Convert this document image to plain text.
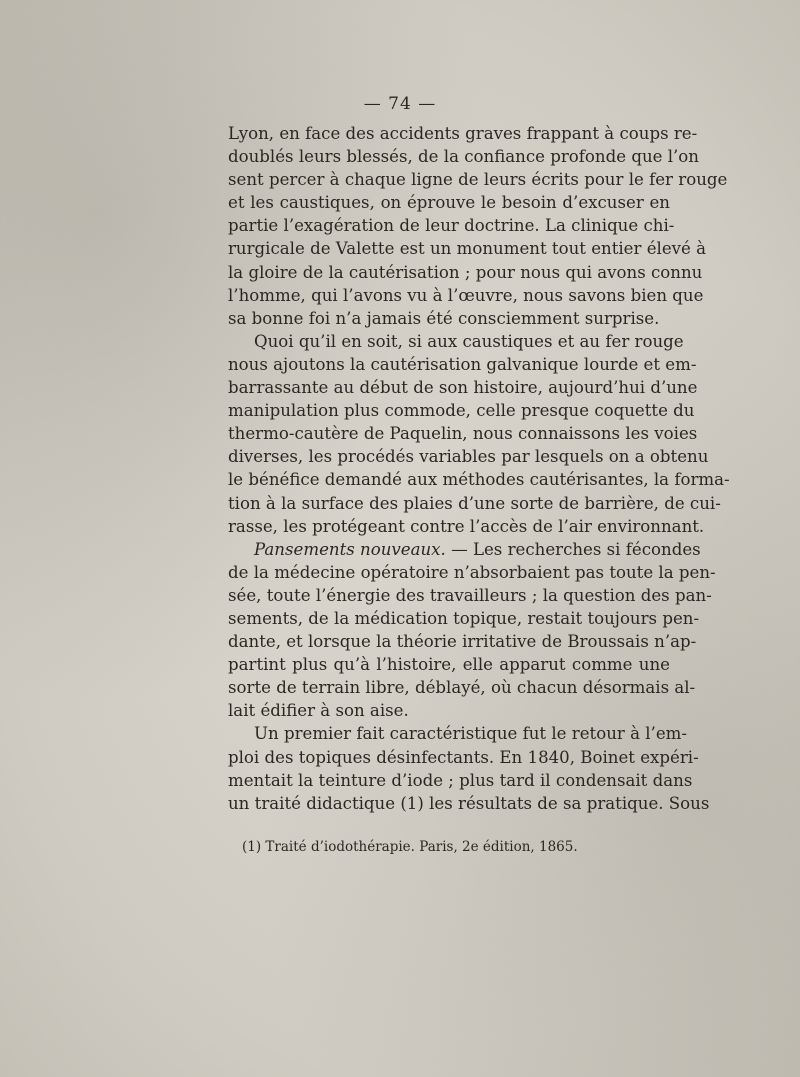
— 74 —
Lyon, en face des accidents graves frappant à coups re-
doublés leurs blessés, de la confiance profonde que l’on
sent percer à chaque ligne de leurs écrits pour le fer rouge
et les caustiques, on éprouve le besoin d’excuser en
partie l’exagération de leur doctrine. La clinique chi-
rurgicale de Valette est un monument tout entier élevé à
la gloire de la cautérisation ; pour nous qui avons connu
l’homme, qui l’avons vu à l’œuvre, nous savons bien que
sa bonne foi n’a jamais été consciemment surprise.
Quoi qu’il en soit, si aux caustiques et au fer rouge
nous ajoutons la cautérisation galvanique lourde et em-
barrassante au début de son histoire, aujourd’hui d’une
manipulation plus commode, celle presque coquette du
thermo-cautère de Paquelin, nous connaissons les voies
diverses, les procédés variables par lesquels on a obtenu
le bénéfice demandé aux méthodes cautérisantes, la forma-
tion à la surface des plaies d’une sorte de barrière, de cui-
rasse, les protégeant contre l’accès de l’air environnant.
Pansements nouveaux. — Les recherches si fécondes
de la médecine opératoire n’absorbaient pas toute la pen-
sée, toute l’énergie des travailleurs ; la question des pan-
sements, de la médication topique, restait toujours pen-
dante, et lorsque la théorie irritative de Broussais n’ap-
partint plus qu’à l’histoire, elle apparut comme une
sorte de terrain libre, déblayé, où chacun désormais al-
lait édifier à son aise.
Un premier fait caractéristique fut le retour à l’em-
ploi des topiques désinfectants. En 1840, Boinet expéri-
mentait la teinture d’iode ; plus tard il condensait dans
un traité didactique (1) les résultats de sa pratique. Sous
(1) Traité d’iodothérapie. Paris, 2e édition, 1865.
